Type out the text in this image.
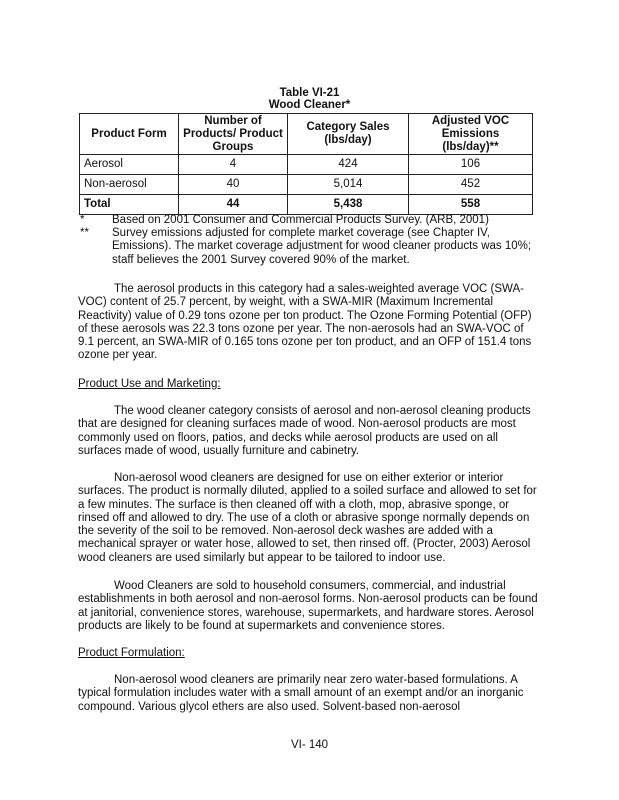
Table VI-21
Wood Cleaner*
Product Form	Number of Products/ Product Groups	Category Sales (lbs/day)	Adjusted VOC Emissions (lbs/day)**
Aerosol	4	424	106
Non-aerosol	40	5,014	452
Total	44	5,438	558
* Based on 2001 Consumer and Commercial Products Survey. (ARB, 2001)
** Survey emissions adjusted for complete market coverage (see Chapter IV, Emissions). The market coverage adjustment for wood cleaner products was 10%; staff believes the 2001 Survey covered 90% of the market.

The aerosol products in this category had a sales-weighted average VOC (SWA-VOC) content of 25.7 percent, by weight, with a SWA-MIR (Maximum Incremental Reactivity) value of 0.29 tons ozone per ton product. The Ozone Forming Potential (OFP) of these aerosols was 22.3 tons ozone per year. The non-aerosols had an SWA-VOC of 9.1 percent, an SWA-MIR of 0.165 tons ozone per ton product, and an OFP of 151.4 tons ozone per year.

Product Use and Marketing:

The wood cleaner category consists of aerosol and non-aerosol cleaning products that are designed for cleaning surfaces made of wood. Non-aerosol products are most commonly used on floors, patios, and decks while aerosol products are used on all surfaces made of wood, usually furniture and cabinetry.

Non-aerosol wood cleaners are designed for use on either exterior or interior surfaces. The product is normally diluted, applied to a soiled surface and allowed to set for a few minutes. The surface is then cleaned off with a cloth, mop, abrasive sponge, or rinsed off and allowed to dry. The use of a cloth or abrasive sponge normally depends on the severity of the soil to be removed. Non-aerosol deck washes are added with a mechanical sprayer or water hose, allowed to set, then rinsed off. (Procter, 2003) Aerosol wood cleaners are used similarly but appear to be tailored to indoor use.

Wood Cleaners are sold to household consumers, commercial, and industrial establishments in both aerosol and non-aerosol forms. Non-aerosol products can be found at janitorial, convenience stores, warehouse, supermarkets, and hardware stores. Aerosol products are likely to be found at supermarkets and convenience stores.

Product Formulation:

Non-aerosol wood cleaners are primarily near zero water-based formulations. A typical formulation includes water with a small amount of an exempt and/or an inorganic compound. Various glycol ethers are also used. Solvent-based non-aerosol

VI- 140
